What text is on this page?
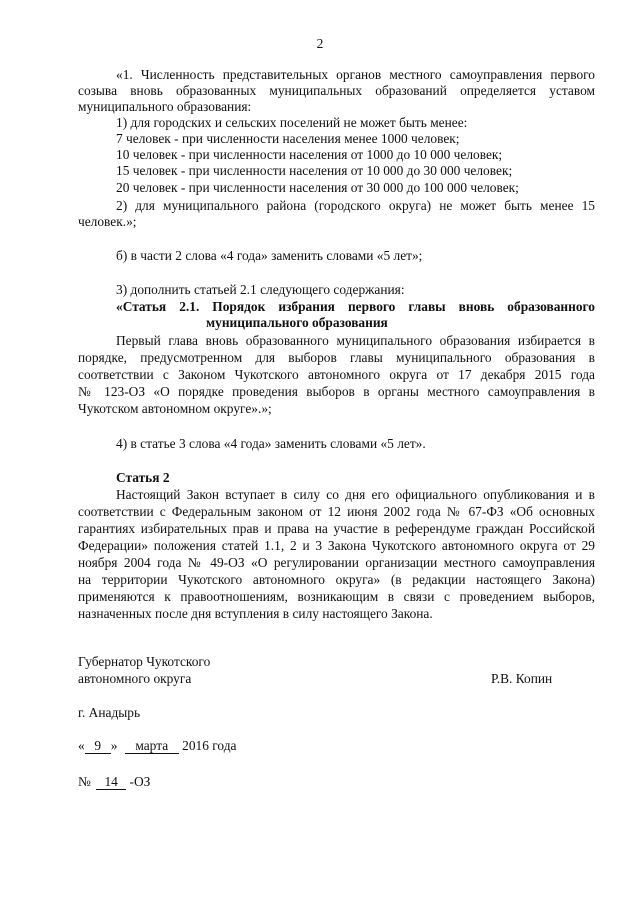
2
«1. Численность представительных органов местного самоуправления первого
созыва вновь образованных муниципальных образований определяется уставом
муниципального образования:
1) для городских и сельских поселений не может быть менее:
7 человек - при численности населения менее 1000 человек;
10 человек - при численности населения от 1000 до 10 000 человек;
15 человек - при численности населения от 10 000 до 30 000 человек;
20 человек - при численности населения от 30 000 до 100 000 человек;
2) для муниципального района (городского округа) не может быть менее 15
человек.»;
б) в части 2 слова «4 года» заменить словами «5 лет»;
3) дополнить статьей 2.1 следующего содержания:
«Статья 2.1. Порядок избрания первого главы вновь образованного
муниципального образования
Первый глава вновь образованного муниципального образования избирается в
порядке, предусмотренном для выборов главы муниципального образования в
соответствии с Законом Чукотского автономного округа от 17 декабря 2015 года
№ 123-ОЗ «О порядке проведения выборов в органы местного самоуправления в
Чукотском автономном округе».»;
4) в статье 3 слова «4 года» заменить словами «5 лет».
Статья 2
Настоящий Закон вступает в силу со дня его официального опубликования и в
соответствии с Федеральным законом от 12 июня 2002 года № 67-ФЗ «Об основных
гарантиях избирательных прав и права на участие в референдуме граждан Российской
Федерации» положения статей 1.1, 2 и 3 Закона Чукотского автономного округа от 29
ноября 2004 года № 49-ОЗ «О регулировании организации местного самоуправления
на территории Чукотского автономного округа» (в редакции настоящего Закона)
применяются к правоотношениям, возникающим в связи с проведением выборов,
назначенных после дня вступления в силу настоящего Закона.
Губернатор Чукотского
автономного округа	Р.В. Копин
г. Анадырь
« 9 » марта 2016 года
№ 14 -ОЗ
